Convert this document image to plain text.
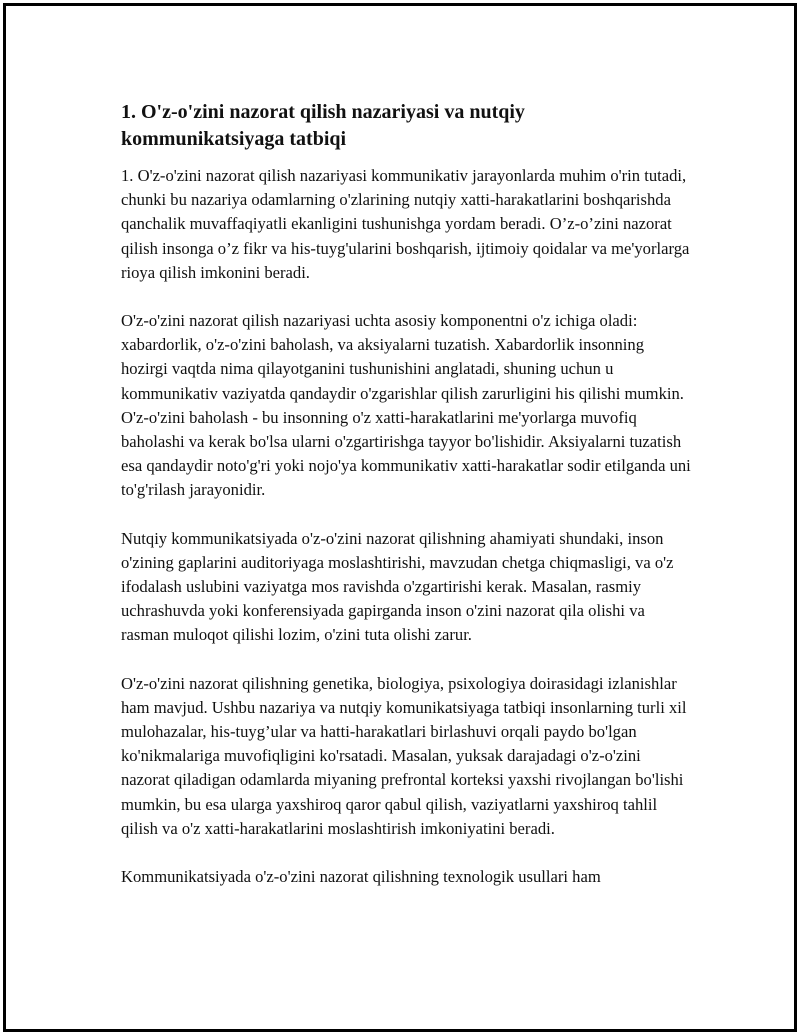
1. O'z-o'zini nazorat qilish nazariyasi va nutqiy kommunikatsiyaga tatbiqi

1. O'z-o'zini nazorat qilish nazariyasi kommunikativ jarayonlarda muhim o'rin tutadi, chunki bu nazariya odamlarning o'zlarining nutqiy xatti-harakatlarini boshqarishda qanchalik muvaffaqiyatli ekanligini tushunishga yordam beradi. O’z-o’zini nazorat qilish insonga o’z fikr va his-tuyg'ularini boshqarish, ijtimoiy qoidalar va me'yorlarga rioya qilish imkonini beradi.

O'z-o'zini nazorat qilish nazariyasi uchta asosiy komponentni o'z ichiga oladi: xabardorlik, o'z-o'zini baholash, va aksiyalarni tuzatish. Xabardorlik insonning hozirgi vaqtda nima qilayotganini tushunishini anglatadi, shuning uchun u kommunikativ vaziyatda qandaydir o'zgarishlar qilish zarurligini his qilishi mumkin. O'z-o'zini baholash - bu insonning o'z xatti-harakatlarini me'yorlarga muvofiq baholashi va kerak bo'lsa ularni o'zgartirishga tayyor bo'lishidir. Aksiyalarni tuzatish esa qandaydir noto'g'ri yoki nojo'ya kommunikativ xatti-harakatlar sodir etilganda uni to'g'rilash jarayonidir.

Nutqiy kommunikatsiyada o'z-o'zini nazorat qilishning ahamiyati shundaki, inson o'zining gaplarini auditoriyaga moslashtirishi, mavzudan chetga chiqmasligi, va o'z ifodalash uslubini vaziyatga mos ravishda o'zgartirishi kerak. Masalan, rasmiy uchrashuvda yoki konferensiyada gapirganda inson o'zini nazorat qila olishi va rasman muloqot qilishi lozim, o'zini tuta olishi zarur.

O'z-o'zini nazorat qilishning genetika, biologiya, psixologiya doirasidagi izlanishlar ham mavjud. Ushbu nazariya va nutqiy komunikatsiyaga tatbiqi insonlarning turli xil mulohazalar, his-tuyg’ular va hatti-harakatlari birlashuvi orqali paydo bo'lgan ko'nikmalariga muvofiqligini ko'rsatadi. Masalan, yuksak darajadagi o'z-o'zini nazorat qiladigan odamlarda miyaning prefrontal korteksi yaxshi rivojlangan bo'lishi mumkin, bu esa ularga yaxshiroq qaror qabul qilish, vaziyatlarni yaxshiroq tahlil qilish va o'z xatti-harakatlarini moslashtirish imkoniyatini beradi.

Kommunikatsiyada o'z-o'zini nazorat qilishning texnologik usullari ham
